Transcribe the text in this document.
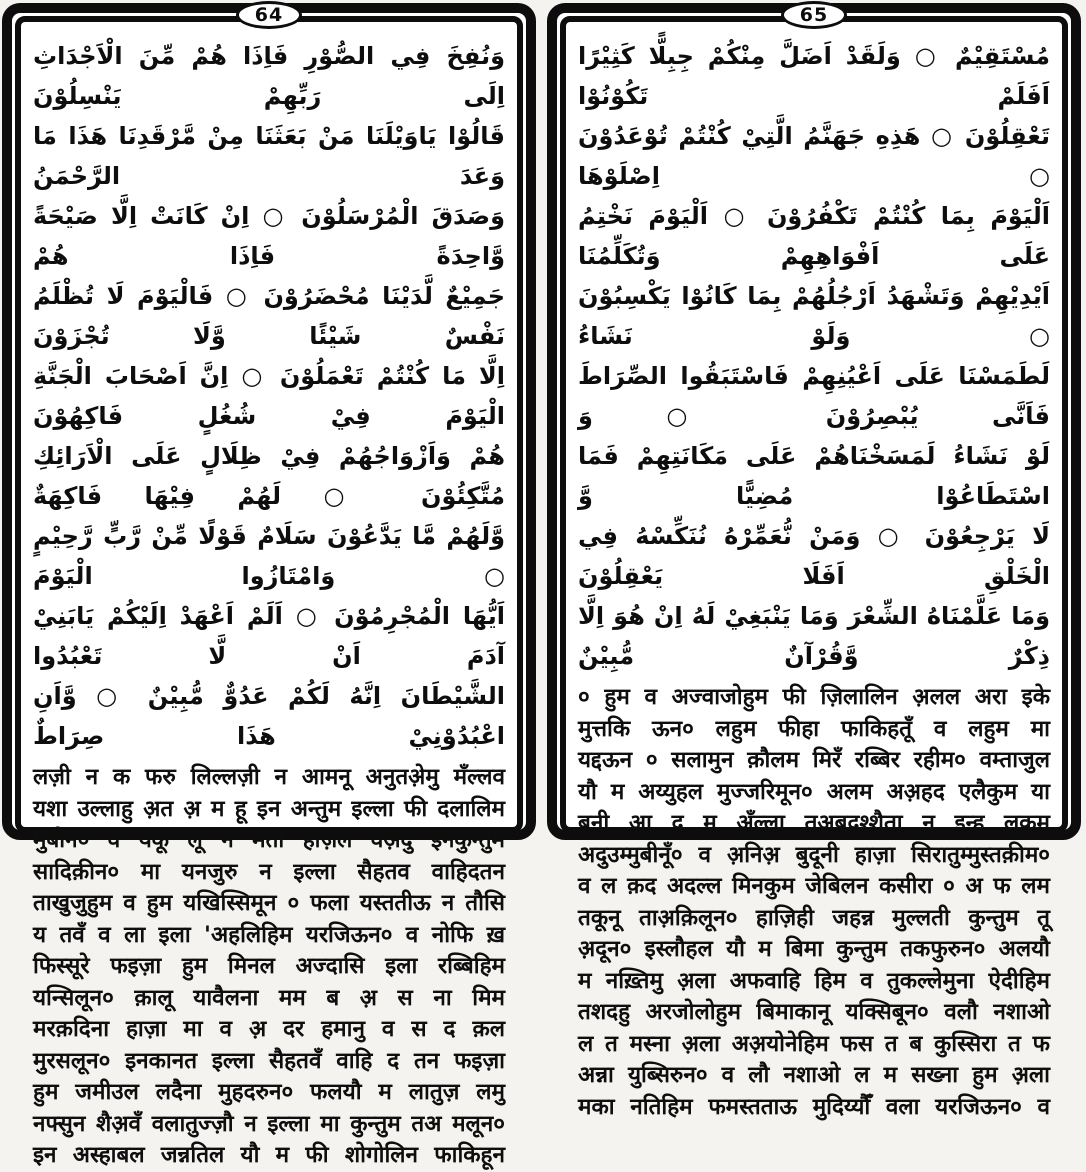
64
وَنُفِخَ فِي الصُّوْرِ فَاِذَا هُمْ مِّنَ الْاَجْدَاثِ اِلَى رَبِّهِمْ يَنْسِلُوْنَ
قَالُوْا يَاوَيْلَنَا مَنْ بَعَثَنَا مِنْ مَّرْقَدِنَا هَذَا مَا وَعَدَ الرَّحْمَنُ
وَصَدَقَ الْمُرْسَلُوْنَ ○ اِنْ كَانَتْ اِلَّا صَيْحَةً وَّاحِدَةً فَاِذَا هُمْ
جَمِيْعٌ لَّدَيْنَا مُحْضَرُوْنَ ○ فَالْيَوْمَ لَا تُظْلَمُ نَفْسٌ شَيْئًا وَّلَا تُجْزَوْنَ
اِلَّا مَا كُنْتُمْ تَعْمَلُوْنَ ○ اِنَّ اَصْحَابَ الْجَنَّةِ الْيَوْمَ فِيْ شُغُلٍ فَاكِهُوْنَ
هُمْ وَاَزْوَاجُهُمْ فِيْ ظِلَالٍ عَلَى الْاَرَائِكِ مُتَّكِئُوْنَ ○ لَهُمْ فِيْهَا فَاكِهَةٌ
وَّلَهُمْ مَّا يَدَّعُوْنَ سَلَامٌ قَوْلًا مِّنْ رَّبٍّ رَّحِيْمٍ ○ وَامْتَازُوا الْيَوْمَ
اَيُّهَا الْمُجْرِمُوْنَ ○ اَلَمْ اَعْهَدْ اِلَيْكُمْ يَابَنِيْ آدَمَ اَنْ لَّا تَعْبُدُوا
الشَّيْطَانَ اِنَّهُ لَكُمْ عَدُوٌّ مُّبِيْنٌ ○ وَّاَنِ اعْبُدُوْنِيْ هَذَا صِرَاطٌ
लज़ी न क फरु लिल्लज़ी न आमनू अनुतअ़ेमु मँल्लव
यशा उल्लाहु अ़त अ़ म हू इन अन्तुम इल्ला फी दलालिम
मुबीन० व यकू लू न मता हाज़ल वअ़दु इनकुन्तुम
सादिक़ीन० मा यनजुरु न इल्ला सैहतव वाहिदतन
ताखुजुहुम व हुम यखिस्सिमून ० फला यस्ततीऊ न तौसि
य तवँ व ला इला 'अहलिहिम यरजिऊन० व नोफि ख़
फिस्सूरे फइज़ा हुम मिनल अज्दासि इला रब्बिहिम
यन्सिलून० क़ालू यावैलना मम ब अ़ स ना मिम
मरक़दिना हाज़ा मा व अ़ दर हमानु व स द क़ल
मुरसलून० इनकानत इल्ला सैहतवँ वाहि द तन फइज़ा
हुम जमीउल लदैना मुहदरुन० फलयौ म लातुज़ लमु
नफ्सुन शैअ़वँ वलातुज्ज़ौ न इल्ला मा कुन्तुम तअ मलून०
इन अस्हाबल जन्नतिल यौ म फी शोगोलिन फाकिहून
65
مُسْتَقِيْمٌ ○ وَلَقَدْ اَضَلَّ مِنْكُمْ جِبِلًّا كَثِيْرًا اَفَلَمْ تَكُوْنُوْا
تَعْقِلُوْنَ ○ هَذِهِ جَهَنَّمُ الَّتِيْ كُنْتُمْ تُوْعَدُوْنَ ○ اِصْلَوْهَا
اَلْيَوْمَ بِمَا كُنْتُمْ تَكْفُرُوْنَ ○ اَلْيَوْمَ نَخْتِمُ عَلَى اَفْوَاهِهِمْ وَتُكَلِّمُنَا
اَيْدِيْهِمْ وَتَشْهَدُ اَرْجُلُهُمْ بِمَا كَانُوْا يَكْسِبُوْنَ ○ وَلَوْ نَشَاءُ
لَطَمَسْنَا عَلَى اَعْيُنِهِمْ فَاسْتَبَقُوا الصِّرَاطَ فَاَنَّى يُبْصِرُوْنَ ○ وَ
لَوْ نَشَاءُ لَمَسَخْنَاهُمْ عَلَى مَكَانَتِهِمْ فَمَا اسْتَطَاعُوْا مُضِيًّا وَّ
لَا يَرْجِعُوْنَ ○ وَمَنْ نُّعَمِّرْهُ نُنَكِّسْهُ فِي الْخَلْقِ اَفَلَا يَعْقِلُوْنَ
وَمَا عَلَّمْنَاهُ الشِّعْرَ وَمَا يَنْبَغِيْ لَهُ اِنْ هُوَ اِلَّا ذِكْرٌ وَّقُرْآنٌ مُّبِيْنٌ
० हुम व अज्वाजोहुम फी ज़िलालिन अ़लल अरा इके
मुत्तकि ऊन० लहुम फीहा फाकिहतूँ व लहुम मा
यद्दऊन ० सलामुन क़ौलम मिरँ रब्बिर रहीम० वम्ताजुल
यौ म अय्युहल मुज्जरिमून० अलम अअ़हद एलैकुम या
बनी आ द म अँल्ला तअ़बुदुश्शैता न इन्हू लकुम
अदुउम्मुबीनूँ० व अ़निअ़ बुदूनी हाज़ा सिरातुम्मुस्तक़ीम०
व ल क़द अदल्ल मिनकुम जेबिलन कसीरा ० अ फ लम
तकूनू ताअ़क़िलून० हाज़िही जहन्न मुल्लती कुन्तुम तू
अ़दून० इस्लौहल यौ म बिमा कुन्तुम तकफुरुन० अलयौ
म नख़्तिमु अ़ला अफवाहि हिम व तुकल्लेमुना ऐदीहिम
तशदहु अरजोलोहुम बिमाकानू यक्सिबून० वलौ नशाओ
ल त मस्ना अ़ला अअ़योनेहिम फस त ब कुस्सिरा त फ
अन्ना युब्सिरुन० व लौ नशाओ ल म सख्ना हुम अ़ला
मका नतिहिम फमस्तताऊ मुदिय्यौँ वला यरजिऊन० व
